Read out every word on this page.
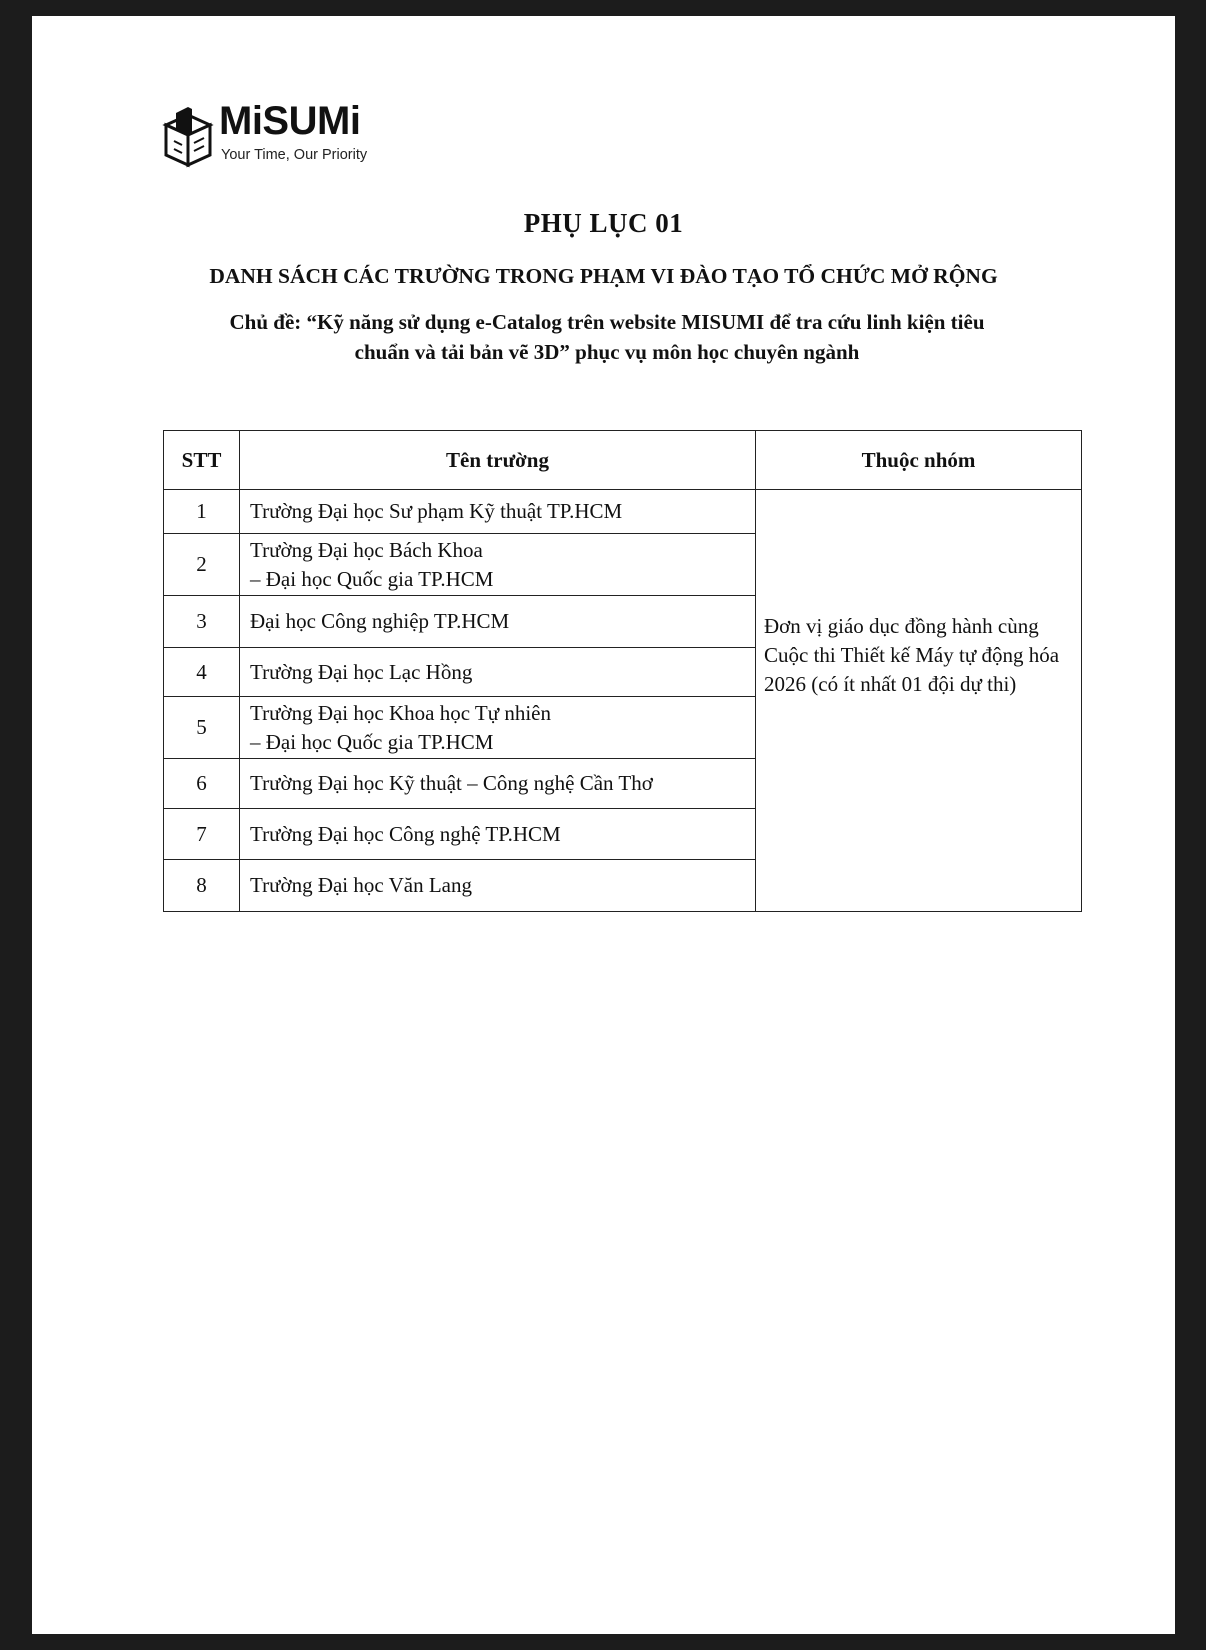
MiSUMi
Your Time, Our Priority
PHỤ LỤC 01
DANH SÁCH CÁC TRƯỜNG TRONG PHẠM VI ĐÀO TẠO TỔ CHỨC MỞ RỘNG
Chủ đề: “Kỹ năng sử dụng e-Catalog trên website MISUMI để tra cứu linh kiện tiêu
chuẩn và tải bản vẽ 3D” phục vụ môn học chuyên ngành
STT	Tên trường	Thuộc nhóm
1	Trường Đại học Sư phạm Kỹ thuật TP.HCM	Đơn vị giáo dục đồng hành cùng Cuộc thi Thiết kế Máy tự động hóa 2026 (có ít nhất 01 đội dự thi)

2	Trường Đại học Bách Khoa
– Đại học Quốc gia TP.HCM	

3	Đại học Công nghiệp TP.HCM	

4	Trường Đại học Lạc Hồng	

5	Trường Đại học Khoa học Tự nhiên
– Đại học Quốc gia TP.HCM	

6	Trường Đại học Kỹ thuật – Công nghệ Cần Thơ	

7	Trường Đại học Công nghệ TP.HCM	

8	Trường Đại học Văn Lang	
